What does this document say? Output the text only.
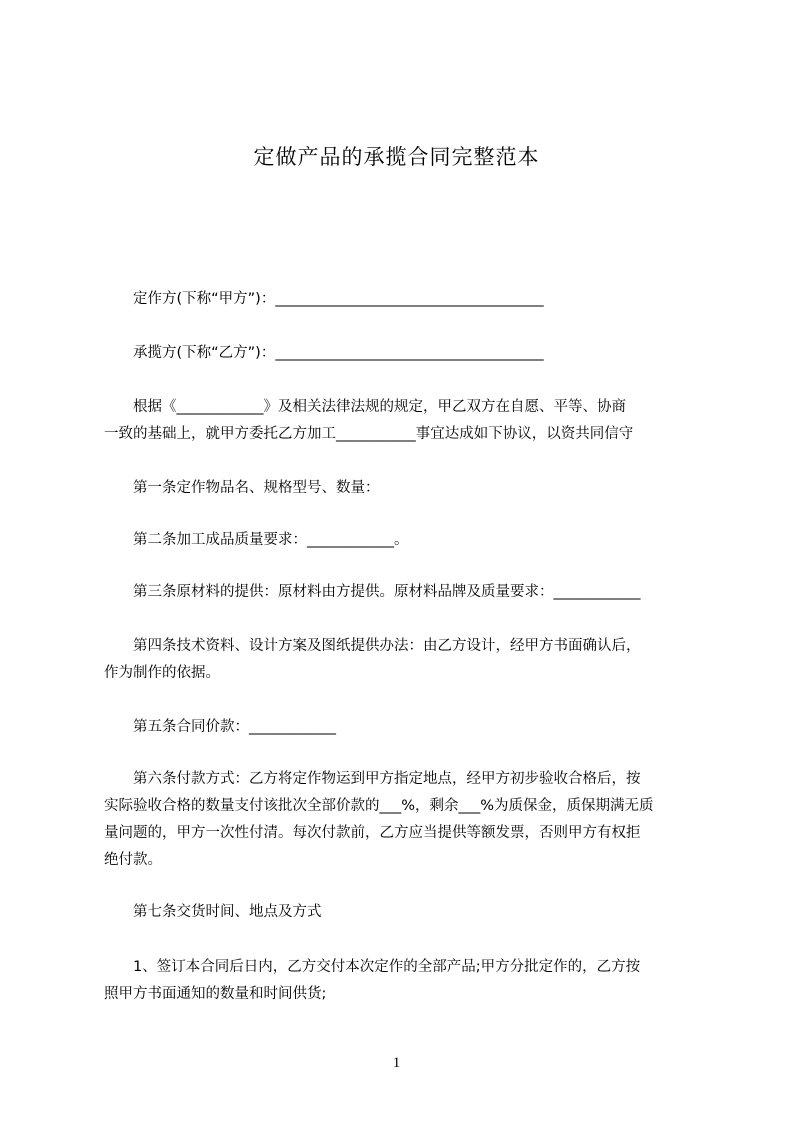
定做产品的承揽合同完整范本
　　定作方(下称“甲方”)：_____________________________________
　　承揽方(下称“乙方”)：_____________________________________
　　根据《____________》及相关法律法规的规定，甲乙双方在自愿、平等、协商
一致的基础上，就甲方委托乙方加工___________事宜达成如下协议，以资共同信守
　　第一条定作物品名、规格型号、数量：
　　第二条加工成品质量要求：____________。
　　第三条原材料的提供：原材料由方提供。原材料品牌及质量要求：____________
　　第四条技术资料、设计方案及图纸提供办法：由乙方设计，经甲方书面确认后，
作为制作的依据。
　　第五条合同价款：____________
　　第六条付款方式：乙方将定作物运到甲方指定地点，经甲方初步验收合格后，按
实际验收合格的数量支付该批次全部价款的___%，剩余___%为质保金，质保期满无质
量问题的，甲方一次性付清。每次付款前，乙方应当提供等额发票，否则甲方有权拒
绝付款。
　　第七条交货时间、地点及方式
　　1、签订本合同后日内，乙方交付本次定作的全部产品;甲方分批定作的，乙方按
照甲方书面通知的数量和时间供货;
1
